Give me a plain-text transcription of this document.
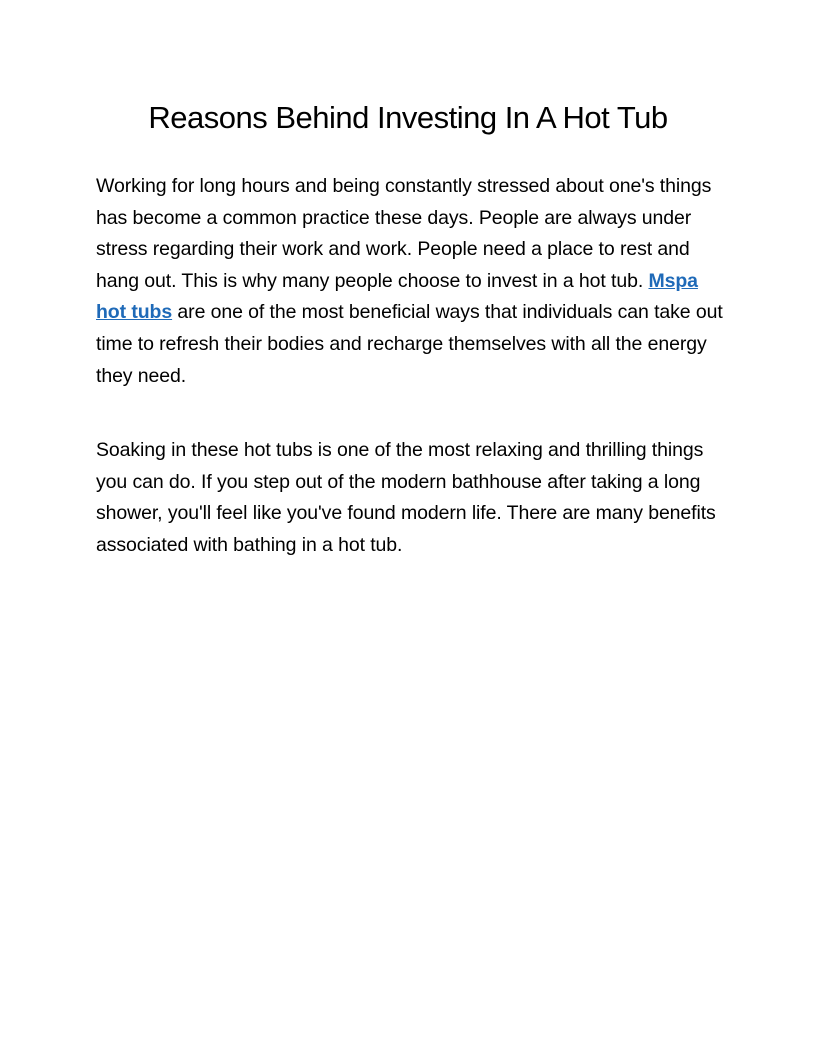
Reasons Behind Investing In A Hot Tub

Working for long hours and being constantly stressed about one's things has become a common practice these days. People are always under stress regarding their work and work. People need a place to rest and hang out. This is why many people choose to invest in a hot tub. Mspa hot tubs are one of the most beneficial ways that individuals can take out time to refresh their bodies and recharge themselves with all the energy they need.

Soaking in these hot tubs is one of the most relaxing and thrilling things you can do. If you step out of the modern bathhouse after taking a long shower, you'll feel like you've found modern life. There are many benefits associated with bathing in a hot tub.
